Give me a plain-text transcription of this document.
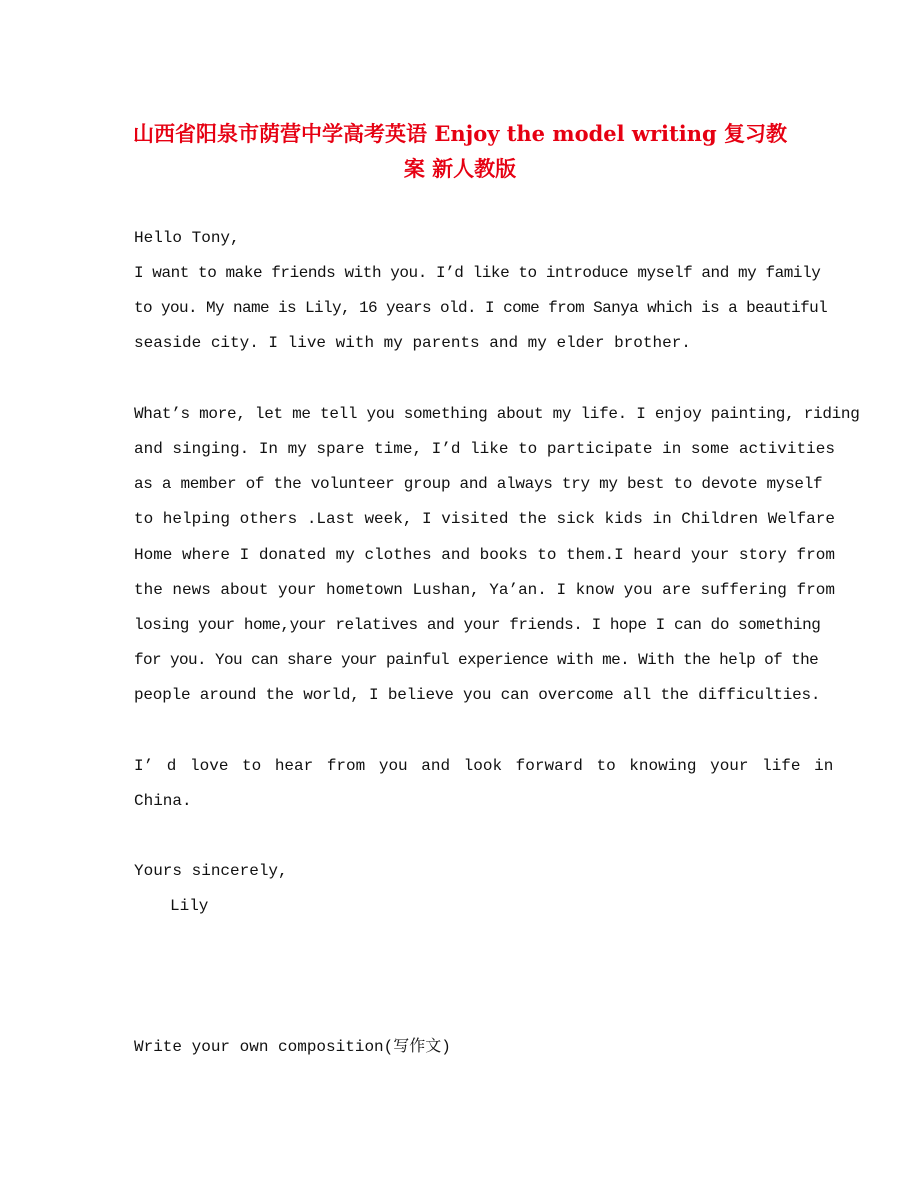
山西省阳泉市荫营中学高考英语 Enjoy the model writing 复习教
案 新人教版
Hello Tony,
I want to make friends with you. I’d like to introduce myself and my family
to you. My name is Lily, 16 years old. I come from Sanya which is a beautiful
seaside city. I live with my parents and my elder brother.
What’s more, let me tell you something about my life. I enjoy painting, riding
and singing. In my spare time, I’d like to participate in some activities
as a member of the volunteer group and always try my best to devote myself
to helping others .Last week, I visited the sick kids in Children Welfare
Home where I donated my clothes and books to them.I heard your story from
the news about your hometown Lushan, Ya’an. I know you are suffering from
losing your home,your relatives and your friends. I hope I can do something
for you. You can share your painful experience with me. With the help of the
people around the world, I believe you can overcome all the difficulties.
I’ d love to hear from you and look forward to knowing your life in
China.
Yours sincerely,
Lily
Write your own composition(写作文)
